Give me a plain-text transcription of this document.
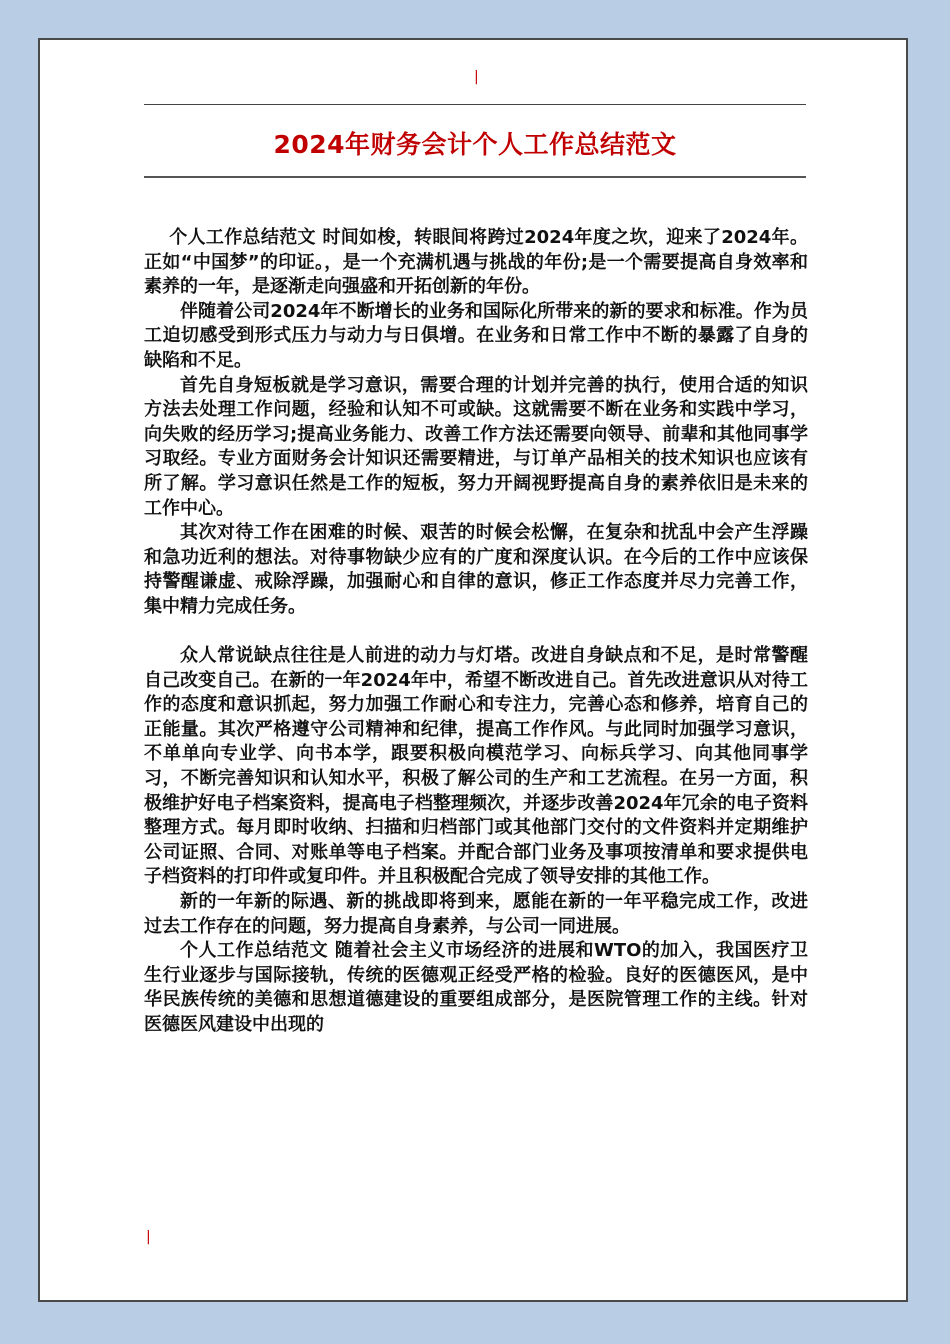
|
2024年财务会计个人工作总结范文

个人工作总结范文 时间如梭，转眼间将跨过2024年度之坎，迎来了2024年。正如“中国梦”的印证。，是一个充满机遇与挑战的年份;是一个需要提高自身效率和素养的一年，是逐渐走向强盛和开拓创新的年份。

伴随着公司2024年不断增长的业务和国际化所带来的新的要求和标准。作为员工迫切感受到形式压力与动力与日俱增。在业务和日常工作中不断的暴露了自身的缺陷和不足。

首先自身短板就是学习意识，需要合理的计划并完善的执行，使用合适的知识方法去处理工作问题，经验和认知不可或缺。这就需要不断在业务和实践中学习，向失败的经历学习;提高业务能力、改善工作方法还需要向领导、前辈和其他同事学习取经。专业方面财务会计知识还需要精进，与订单产品相关的技术知识也应该有所了解。学习意识任然是工作的短板，努力开阔视野提高自身的素养依旧是未来的工作中心。

其次对待工作在困难的时候、艰苦的时候会松懈，在复杂和扰乱中会产生浮躁和急功近利的想法。对待事物缺少应有的广度和深度认识。在今后的工作中应该保持警醒谦虚、戒除浮躁，加强耐心和自律的意识，修正工作态度并尽力完善工作，集中精力完成任务。

众人常说缺点往往是人前进的动力与灯塔。改进自身缺点和不足，是时常警醒自己改变自己。在新的一年2024年中，希望不断改进自己。首先改进意识从对待工作的态度和意识抓起，努力加强工作耐心和专注力，完善心态和修养，培育自己的正能量。其次严格遵守公司精神和纪律，提高工作作风。与此同时加强学习意识，不单单向专业学、向书本学，跟要积极向模范学习、向标兵学习、向其他同事学习，不断完善知识和认知水平，积极了解公司的生产和工艺流程。在另一方面，积极维护好电子档案资料，提高电子档整理频次，并逐步改善2024年冗余的电子资料整理方式。每月即时收纳、扫描和归档部门或其他部门交付的文件资料并定期维护公司证照、合同、对账单等电子档案。并配合部门业务及事项按清单和要求提供电子档资料的打印件或复印件。并且积极配合完成了领导安排的其他工作。

新的一年新的际遇、新的挑战即将到来，愿能在新的一年平稳完成工作，改进过去工作存在的问题，努力提高自身素养，与公司一同进展。

个人工作总结范文 随着社会主义市场经济的进展和WTO的加入，我国医疗卫生行业逐步与国际接轨，传统的医德观正经受严格的检验。良好的医德医风，是中华民族传统的美德和思想道德建设的重要组成部分，是医院管理工作的主线。针对医德医风建设中出现的

|
